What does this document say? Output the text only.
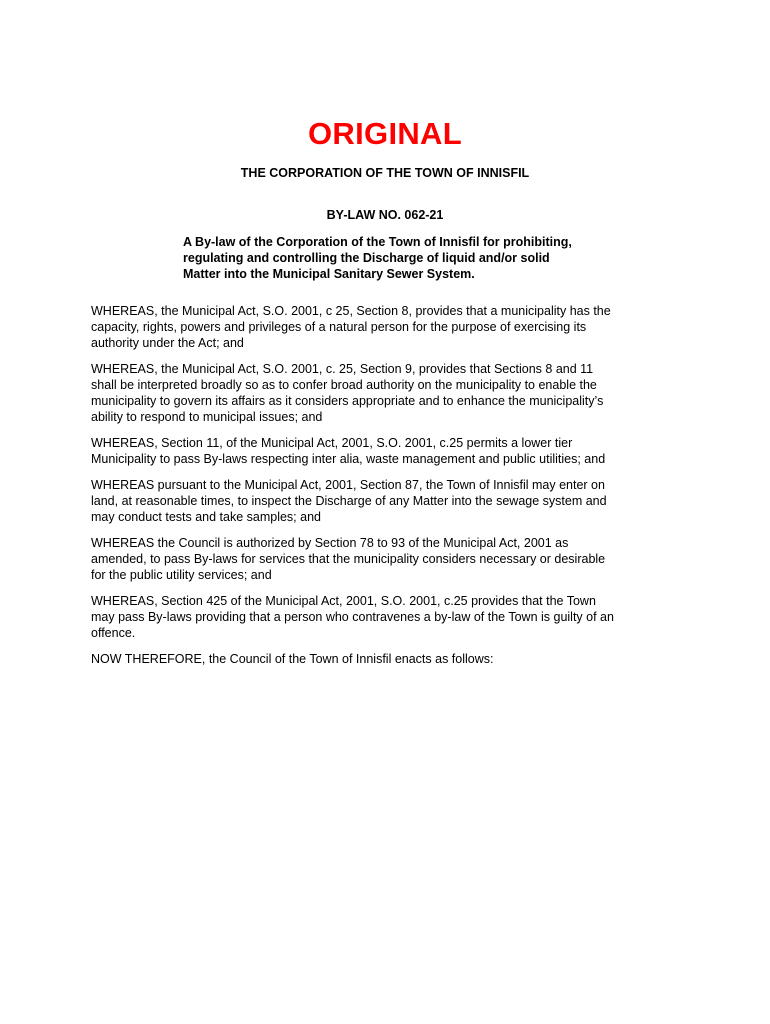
ORIGINAL
THE CORPORATION OF THE TOWN OF INNISFIL
BY-LAW NO. 062-21
A By-law of the Corporation of the Town of Innisfil for prohibiting,
regulating and controlling the Discharge of liquid and/or solid
Matter into the Municipal Sanitary Sewer System.
WHEREAS, the Municipal Act, S.O. 2001, c 25, Section 8, provides that a municipality has the
capacity, rights, powers and privileges of a natural person for the purpose of exercising its
authority under the Act; and
WHEREAS, the Municipal Act, S.O. 2001, c. 25, Section 9, provides that Sections 8 and 11
shall be interpreted broadly so as to confer broad authority on the municipality to enable the
municipality to govern its affairs as it considers appropriate and to enhance the municipality’s
ability to respond to municipal issues; and
WHEREAS, Section 11, of the Municipal Act, 2001, S.O. 2001, c.25 permits a lower tier
Municipality to pass By-laws respecting inter alia, waste management and public utilities; and
WHEREAS pursuant to the Municipal Act, 2001, Section 87, the Town of Innisfil may enter on
land, at reasonable times, to inspect the Discharge of any Matter into the sewage system and
may conduct tests and take samples; and
WHEREAS the Council is authorized by Section 78 to 93 of the Municipal Act, 2001 as
amended, to pass By-laws for services that the municipality considers necessary or desirable
for the public utility services; and
WHEREAS, Section 425 of the Municipal Act, 2001, S.O. 2001, c.25 provides that the Town
may pass By-laws providing that a person who contravenes a by-law of the Town is guilty of an
offence.
NOW THEREFORE, the Council of the Town of Innisfil enacts as follows:
